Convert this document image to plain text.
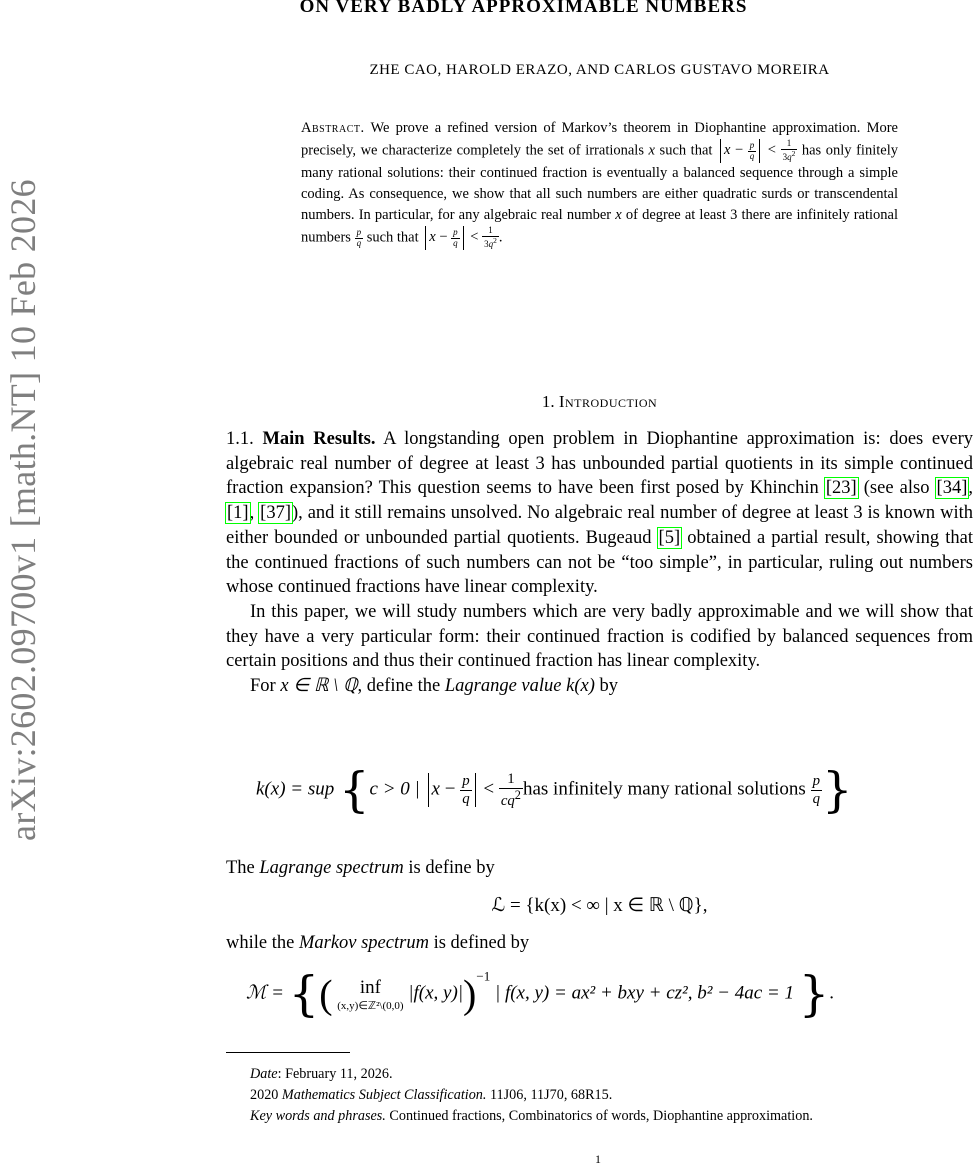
arXiv:2602.09700v1 [math.NT] 10 Feb 2026
ON VERY BADLY APPROXIMABLE NUMBERS
ZHE CAO, HAROLD ERAZO, AND CARLOS GUSTAVO MOREIRA
Abstract. We prove a refined version of Markov’s theorem in Diophantine approximation. More precisely, we characterize completely the set of irrationals x such that $x - \frac{p}{q} < \frac{1}{3q^2}$ has only finitely many rational solutions: their continued fraction is eventually a balanced sequence through a simple coding. As consequence, we show that all such numbers are either quadratic surds or transcendental numbers. In particular, for any algebraic real number x of degree at least 3 there are infinitely rational numbers $\frac{p}{q}$ such that $x - \frac{p}{q} < \frac{1}{3q^2}$ .
1. Introduction

1.1. Main Results. A longstanding open problem in Diophantine approximation is: does every algebraic real number of degree at least 3 has unbounded partial quotients in its simple continued fraction expansion? This question seems to have been first posed by Khinchin [23] (see also [34], [1], [37]), and it still remains unsolved. No algebraic real number of degree at least 3 is known with either bounded or unbounded partial quotients. Bugeaud [5] obtained a partial result, showing that the continued fractions of such numbers can not be “too simple”, in particular, ruling out numbers whose continued fractions have linear complexity.

In this paper, we will study numbers which are very badly approximable and we will show that they have a very particular form: their continued fraction is codified by balanced sequences from certain positions and thus their continued fraction has linear complexity.

For x ∈ ℝ \ ℚ, define the Lagrange value k(x) by

k(x) = sup {c > 0 | $x - \frac{p}{q} < \frac{1}{cq^2}$ has infinitely many rational solutions $\frac{p}{q}$ }

The Lagrange spectrum is define by

ℒ = {k(x) < ∞ | x ∈ ℝ \ ℚ},

while the Markov spectrum is defined by

ℳ = {(	inf
(x,y)∈ℤ²\(0,0)
|f(x, y)|)$^{-1}$ | f(x, y) = ax² + bxy + cz², b² − 4ac = 1 }.

Date: February 11, 2026.

2020 Mathematics Subject Classification. 11J06, 11J70, 68R15.

Key words and phrases. Continued fractions, Combinatorics of words, Diophantine approximation.

1
